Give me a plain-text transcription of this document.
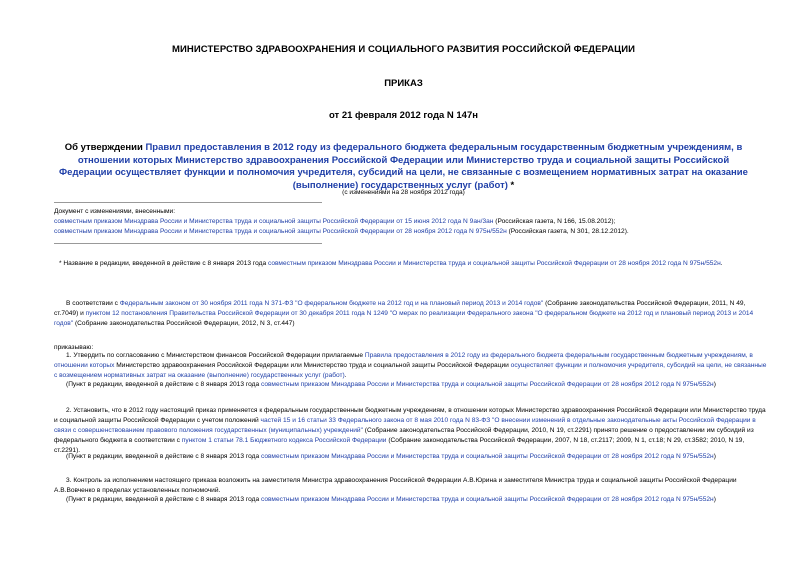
МИНИСТЕРСТВО ЗДРАВООХРАНЕНИЯ И СОЦИАЛЬНОГО РАЗВИТИЯ РОССИЙСКОЙ ФЕДЕРАЦИИ
ПРИКАЗ
от 21 февраля 2012 года N 147н
Об утверждении Правил предоставления в 2012 году из федерального бюджета федеральным государственным бюджетным учреждениям, в отношении которых Министерство здравоохранения Российской Федерации или Министерство труда и социальной защиты Российской Федерации осуществляет функции и полномочия учредителя, субсидий на цели, не связанные с возмещением нормативных затрат на оказание (выполнение) государственных услуг (работ) *
(с изменениями на 28 ноября 2012 года)
Документ с изменениями, внесенными:
совместным приказом Минздрава России и Министерства труда и социальной защиты Российской Федерации от 15 июня 2012 года N 9ан/3ан (Российская газета, N 166, 15.08.2012);
совместным приказом Минздрава России и Министерства труда и социальной защиты Российской Федерации от 28 ноября 2012 года N 975н/552н (Российская газета, N 301, 28.12.2012).
* Название в редакции, введенной в действие с 8 января 2013 года совместным приказом Минздрава России и Министерства труда и социальной защиты Российской Федерации от 28 ноября 2012 года N 975н/552н.
В соответствии с Федеральным законом от 30 ноября 2011 года N 371-ФЗ "О федеральном бюджете на 2012 год и на плановый период 2013 и 2014 годов" (Собрание законодательства Российской Федерации, 2011, N 49, ст.7049) и пунктом 12 постановления Правительства Российской Федерации от 30 декабря 2011 года N 1249 "О мерах по реализации Федерального закона "О федеральном бюджете на 2012 год и плановый период 2013 и 2014 годов" (Собрание законодательства Российской Федерации, 2012, N 3, ст.447)
приказываю:
1. Утвердить по согласованию с Министерством финансов Российской Федерации прилагаемые Правила предоставления в 2012 году из федерального бюджета федеральным государственным бюджетным учреждениям, в отношении которых Министерство здравоохранения Российской Федерации или Министерство труда и социальной защиты Российской Федерации осуществляет функции и полномочия учредителя, субсидий на цели, не связанные с возмещением нормативных затрат на оказание (выполнение) государственных услуг (работ).
(Пункт в редакции, введенной в действие с 8 января 2013 года совместным приказом Минздрава России и Министерства труда и социальной защиты Российской Федерации от 28 ноября 2012 года N 975н/552н)
2. Установить, что в 2012 году настоящий приказ применяется к федеральным государственным бюджетным учреждениям, в отношении которых Министерство здравоохранения Российской Федерации или Министерство труда и социальной защиты Российской Федерации с учетом положений частей 15 и 16 статьи 33 Федерального закона от 8 мая 2010 года N 83-ФЗ "О внесении изменений в отдельные законодательные акты Российской Федерации в связи с совершенствованием правового положения государственных (муниципальных) учреждений" (Собрание законодательства Российской Федерации, 2010, N 19, ст.2291) принято решение о предоставлении им субсидий из федерального бюджета в соответствии с пунктом 1 статьи 78.1 Бюджетного кодекса Российской Федерации (Собрание законодательства Российской Федерации, 2007, N 18, ст.2117; 2009, N 1, ст.18; N 29, ст.3582; 2010, N 19, ст.2291).
(Пункт в редакции, введенной в действие с 8 января 2013 года совместным приказом Минздрава России и Министерства труда и социальной защиты Российской Федерации от 28 ноября 2012 года N 975н/552н)
3. Контроль за исполнением настоящего приказа возложить на заместителя Министра здравоохранения Российской Федерации А.В.Юрина и заместителя Министра труда и социальной защиты Российской Федерации А.В.Вовченко в пределах установленных полномочий.
(Пункт в редакции, введенной в действие с 8 января 2013 года совместным приказом Минздрава России и Министерства труда и социальной защиты Российской Федерации от 28 ноября 2012 года N 975н/552н)
